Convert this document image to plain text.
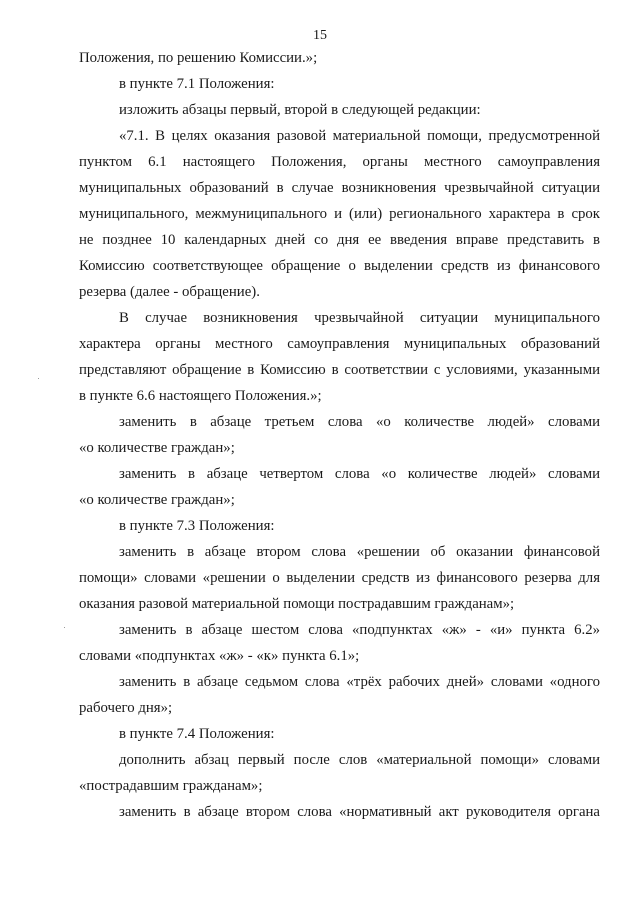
15
Положения, по решению Комиссии.»;
в пункте 7.1 Положения:
изложить абзацы первый, второй в следующей редакции:
«7.1. В целях оказания разовой материальной помощи, предусмотренной
пунктом 6.1 настоящего Положения, органы местного самоуправления
муниципальных образований в случае возникновения чрезвычайной ситуации
муниципального, межмуниципального и (или) регионального характера в срок
не позднее 10 календарных дней со дня ее введения вправе представить в
Комиссию соответствующее обращение о выделении средств из финансового
резерва (далее - обращение).
В случае возникновения чрезвычайной ситуации муниципального
характера органы местного самоуправления муниципальных образований
представляют обращение в Комиссию в соответствии с условиями, указанными
в пункте 6.6 настоящего Положения.»;
заменить в абзаце третьем слова «о количестве людей» словами
«о количестве граждан»;
заменить в абзаце четвертом слова «о количестве людей» словами
«о количестве граждан»;
в пункте 7.3 Положения:
заменить в абзаце втором слова «решении об оказании финансовой
помощи» словами «решении о выделении средств из финансового резерва для
оказания разовой материальной помощи пострадавшим гражданам»;
заменить в абзаце шестом слова «подпунктах «ж» - «и» пункта 6.2»
словами «подпунктах «ж» - «к» пункта 6.1»;
заменить в абзаце седьмом слова «трёх рабочих дней» словами «одного
рабочего дня»;
в пункте 7.4 Положения:
дополнить абзац первый после слов «материальной помощи» словами
«пострадавшим гражданам»;
заменить в абзаце втором слова «нормативный акт руководителя органа
